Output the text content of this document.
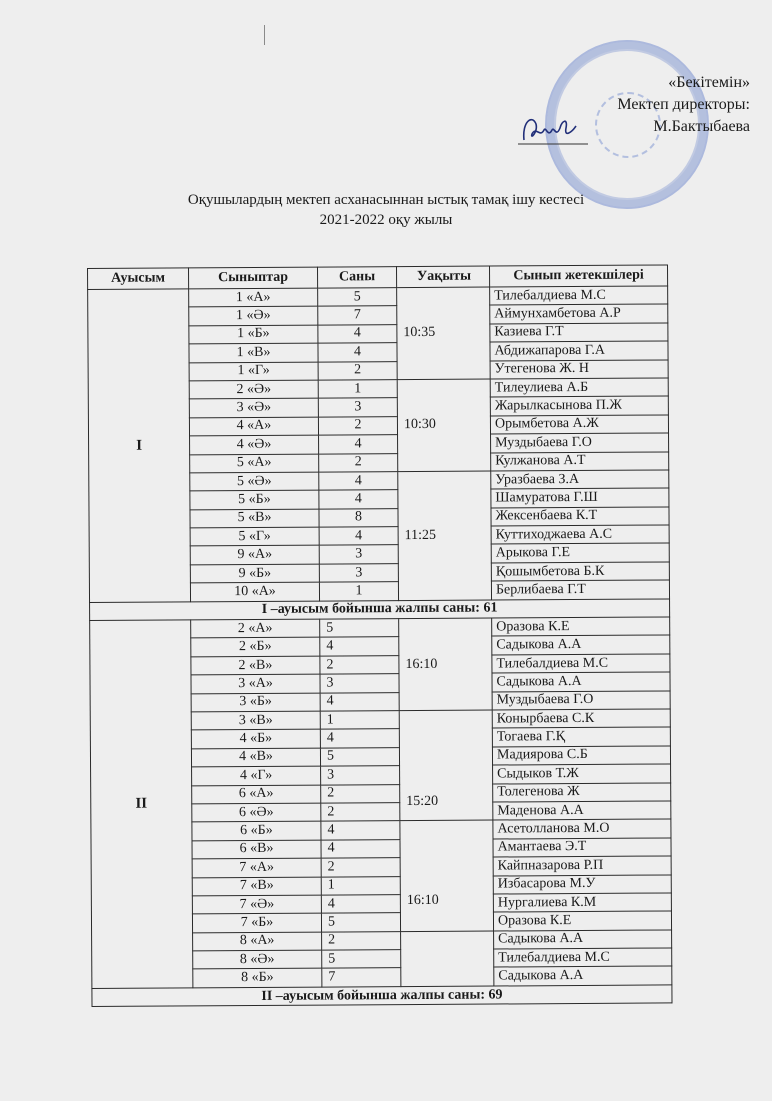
«Бекітемін»
Мектеп директоры:
М.Бактыбаева
Оқушылардың мектеп асханасыннан ыстық тамақ ішу кестесі
2021-2022 оқу жылы
Ауысым	Сыныптар	Саны	Уақыты	Сынып жетекшілері
I	1 «А»	5	10:35	Тилебалдиева М.С
	1 «Ә»	7		Аймунхамбетова А.Р
	1 «Б»	4		Казиева Г.Т
	1 «В»	4		Абдижапарова Г.А
	1 «Г»	2		Утегенова Ж. Н
	2 «Ә»	1	10:30	Тилеулиева А.Б
	3 «Ә»	3		Жарылкасынова П.Ж
	4 «А»	2		Орымбетова А.Ж
	4 «Ә»	4		Муздыбаева Г.О
	5 «А»	2		Кулжанова А.Т
	5 «Ә»	4	11:25	Уразбаева З.А
	5 «Б»	4		Шамуратова Г.Ш
	5 «В»	8		Жексенбаева К.Т
	5 «Г»	4		Куттиходжаева А.С
	9 «А»	3		Арыкова Г.Е
	9 «Б»	3		Қошымбетова Б.К
	10 «А»	1		Берлибаева Г.Т
I –ауысым бойынша жалпы саны: 61				
II	2 «А»	5	16:10	Оразова К.Е
	2 «Б»	4		Садыкова А.А
	2 «В»	2		Тилебалдиева М.С
	3 «А»	3		Садыкова А.А
	3 «Б»	4		Муздыбаева Г.О
	3 «В»	1	15:20	Конырбаева С.К
	4 «Б»	4		Тогаева Г.Қ
	4 «В»	5		Мадиярова С.Б
	4 «Г»	3		Сыдыков Т.Ж
	6 «А»	2		Толегенова Ж
	6 «Ә»	2		Маденова А.А
	6 «Б»	4	16:10	Асетолланова М.О
	6 «В»	4		Амантаева Э.Т
	7 «А»	2		Кайпназарова Р.П
	7 «В»	1		Избасарова М.У
	7 «Ә»	4		Нургалиева К.М
	7 «Б»	5		Оразова К.Е
	8 «А»	2		Садыкова А.А
	8 «Ә»	5		Тилебалдиева М.С
	8 «Б»	7		Садыкова А.А
II –ауысым бойынша жалпы саны: 69				
